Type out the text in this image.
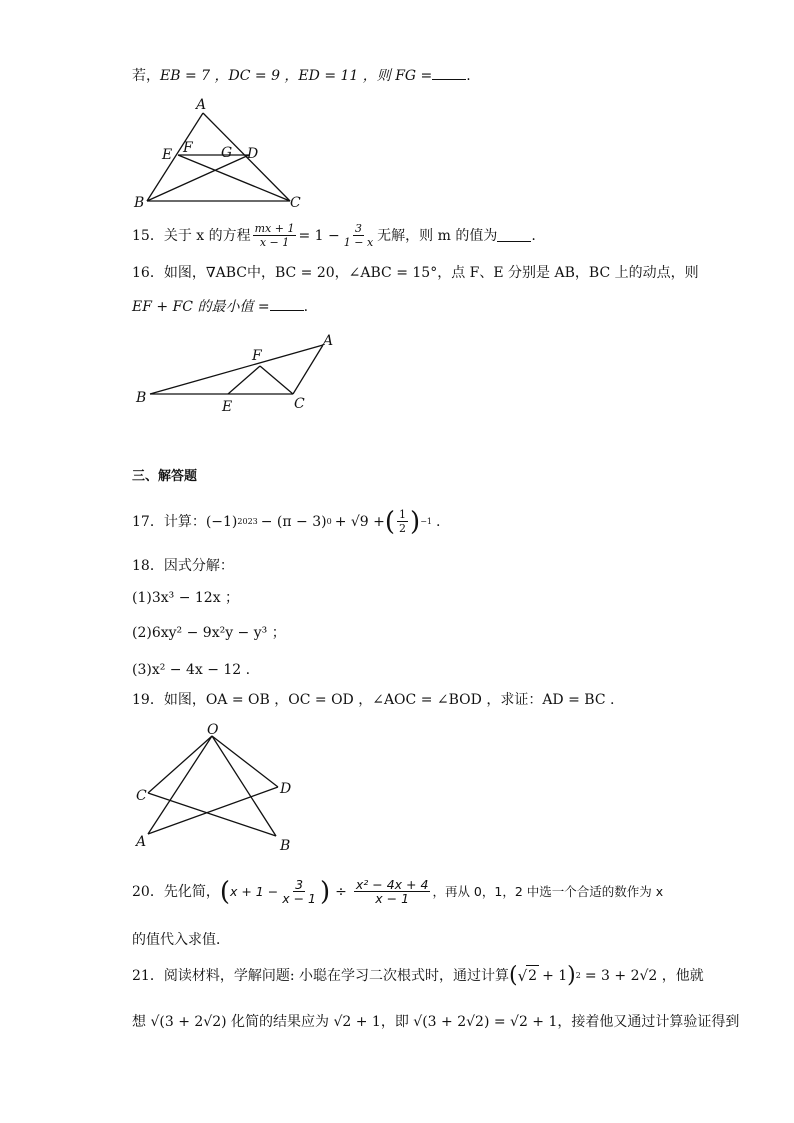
若，EB = 7 ，DC = 9 ，ED = 11 ，则 FG = .
A
E F G D
B	C
15．关于 x 的方程 $\frac{mx + 1}{x - 1} = 1 - \frac{3}{1 - x}$ 无解，则 m 的值为 .
16．如图，∇ABC中，BC = 20，∠ABC = 15°，点 F、E 分别是 AB，BC 上的动点，则
EF + FC 的最小值 = .
F
A
B
E	C
三、解答题
17．计算： (−1) 2023 − (π − 3) 0 + √9 + ( $\frac{1}{2}$ ) −1 .
18．因式分解：
(1)3x³ − 12x ；
(2)6xy² − 9x²y − y³ ；
(3)x² − 4x − 12 .
19．如图，OA = OB ，OC = OD ，∠AOC = ∠BOD ，求证：AD = BC .
O
C	D
A	B
20．先化简， ( $x + 1 - \frac{3}{x - 1}$ ) ÷ $\frac{\text{x² − 4x + 4}}{x - 1}$ ，再从 0，1，2 中选一个合适的数作为 x
的值代入求值．
21．阅读材料，学解问题: 小聪在学习二次根式时，通过计算 ( √ 2 + 1 ) 2 = 3 + 2√2 ，他就
想 √(3 + 2√2) 化简的结果应为 √2 + 1，即 √(3 + 2√2) = √2 + 1，接着他又通过计算验证得到
